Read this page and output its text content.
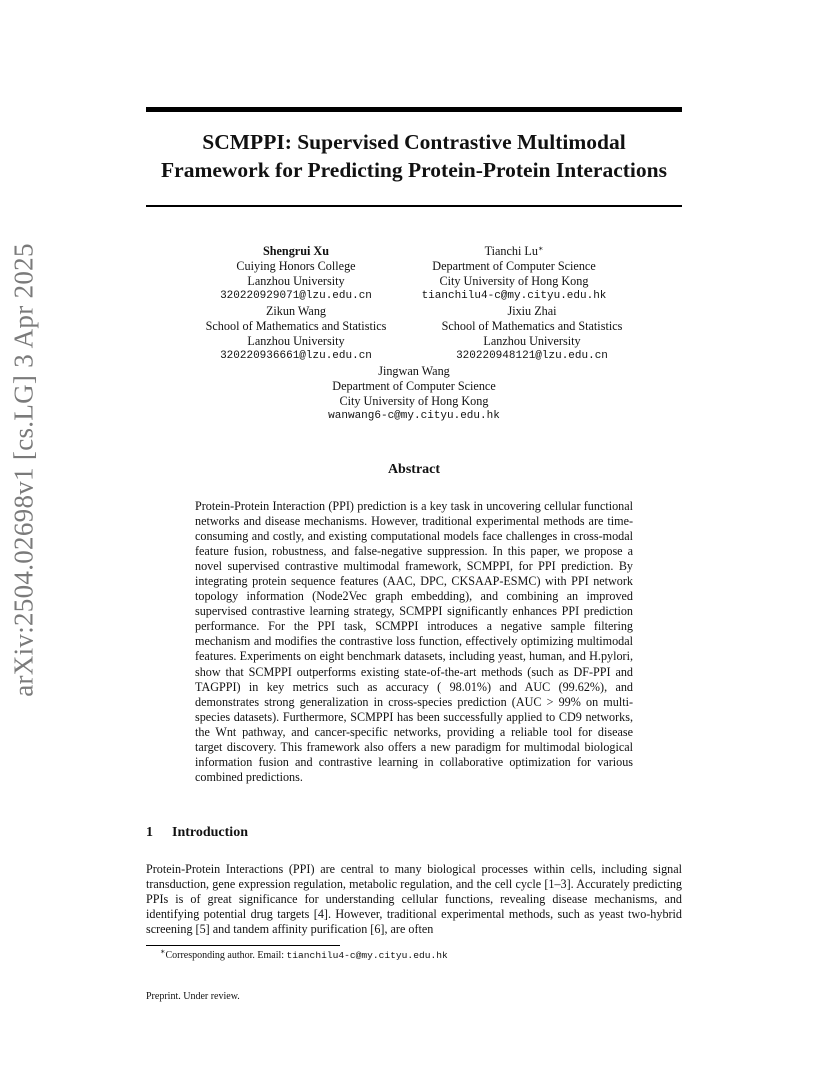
arXiv:2504.02698v1 [cs.LG] 3 Apr 2025
SCMPPI: Supervised Contrastive Multimodal
Framework for Predicting Protein-Protein Interactions
Shengrui Xu
Cuiying Honors College
Lanzhou University
320220929071@lzu.edu.cn
Tianchi Lu∗
Department of Computer Science
City University of Hong Kong
tianchilu4-c@my.cityu.edu.hk
Zikun Wang
School of Mathematics and Statistics
Lanzhou University
320220936661@lzu.edu.cn
Jixiu Zhai
School of Mathematics and Statistics
Lanzhou University
320220948121@lzu.edu.cn
Jingwan Wang
Department of Computer Science
City University of Hong Kong
wanwang6-c@my.cityu.edu.hk
Abstract

Protein-Protein Interaction (PPI) prediction is a key task in uncovering cellular functional networks and disease mechanisms. However, traditional experimental methods are time-consuming and costly, and existing computational models face challenges in cross-modal feature fusion, robustness, and false-negative suppression. In this paper, we propose a novel supervised contrastive multimodal framework, SCMPPI, for PPI prediction. By integrating protein sequence features (AAC, DPC, CKSAAP-ESMC) with PPI network topology information (Node2Vec graph embedding), and combining an improved supervised contrastive learning strategy, SCMPPI significantly enhances PPI prediction performance. For the PPI task, SCMPPI introduces a negative sample filtering mechanism and modifies the contrastive loss function, effectively optimizing multimodal features. Experiments on eight benchmark datasets, including yeast, human, and H.pylori, show that SCMPPI outperforms existing state-of-the-art methods (such as DF-PPI and TAGPPI) in key metrics such as accuracy ( 98.01%) and AUC (99.62%), and demonstrates strong generalization in cross-species prediction (AUC > 99% on multi-species datasets). Furthermore, SCMPPI has been successfully applied to CD9 networks, the Wnt pathway, and cancer-specific networks, providing a reliable tool for disease target discovery. This framework also offers a new paradigm for multimodal biological information fusion and contrastive learning in collaborative optimization for various combined predictions.

1 Introduction

Protein-Protein Interactions (PPI) are central to many biological processes within cells, including signal transduction, gene expression regulation, metabolic regulation, and the cell cycle [1–3]. Accurately predicting PPIs is of great significance for understanding cellular functions, revealing disease mechanisms, and identifying potential drug targets [4]. However, traditional experimental methods, such as yeast two-hybrid screening [5] and tandem affinity purification [6], are often

∗Corresponding author. Email: tianchilu4-c@my.cityu.edu.hk

Preprint. Under review.
